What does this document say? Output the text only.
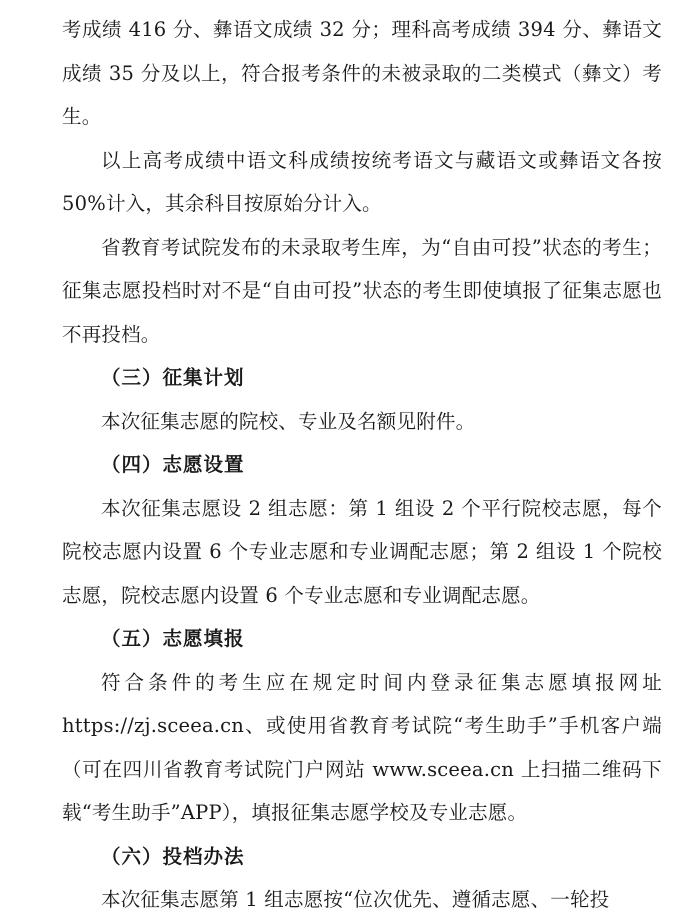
考成绩 416 分、彝语文成绩 32 分；理科高考成绩 394 分、彝语文成绩 35 分及以上，符合报考条件的未被录取的二类模式（彝文）考生。

以上高考成绩中语文科成绩按统考语文与藏语文或彝语文各按 50%计入，其余科目按原始分计入。

省教育考试院发布的未录取考生库，为“自由可投”状态的考生；征集志愿投档时对不是“自由可投”状态的考生即使填报了征集志愿也不再投档。

（三）征集计划

本次征集志愿的院校、专业及名额见附件。

（四）志愿设置

本次征集志愿设 2 组志愿：第 1 组设 2 个平行院校志愿，每个院校志愿内设置 6 个专业志愿和专业调配志愿；第 2 组设 1 个院校志愿，院校志愿内设置 6 个专业志愿和专业调配志愿。

（五）志愿填报

符合条件的考生应在规定时间内登录征集志愿填报网址 https://zj.sceea.cn、或使用省教育考试院“考生助手”手机客户端（可在四川省教育考试院门户网站 www.sceea.cn 上扫描二维码下载“考生助手”APP），填报征集志愿学校及专业志愿。

（六）投档办法

本次征集志愿第 1 组志愿按“位次优先、遵循志愿、一轮投
